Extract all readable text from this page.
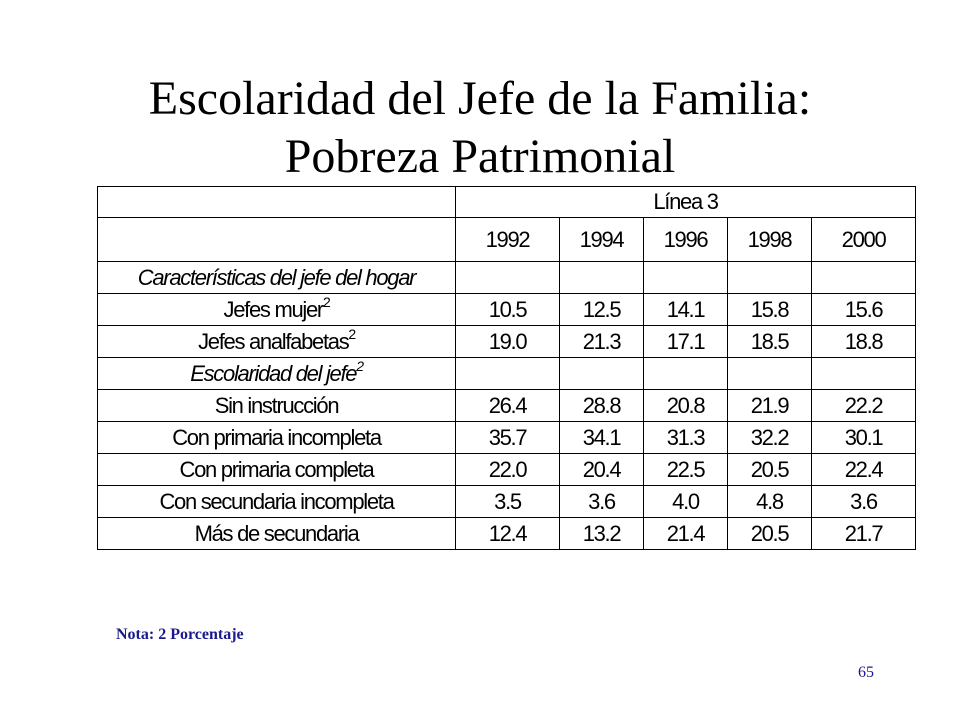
Escolaridad del Jefe de la Familia:
Pobreza Patrimonial
	Línea 3				
	1992	1994	1996	1998	2000
Características del jefe del hogar					
Jefes mujer$^2$	10.5	12.5	14.1	15.8	15.6
Jefes analfabetas$^2$	19.0	21.3	17.1	18.5	18.8
Escolaridad del jefe$^2$					
Sin instrucción	26.4	28.8	20.8	21.9	22.2
Con primaria incompleta	35.7	34.1	31.3	32.2	30.1
Con primaria completa	22.0	20.4	22.5	20.5	22.4
Con secundaria incompleta	3.5	3.6	4.0	4.8	3.6
Más de secundaria	12.4	13.2	21.4	20.5	21.7
Nota: 2 Porcentaje
65
